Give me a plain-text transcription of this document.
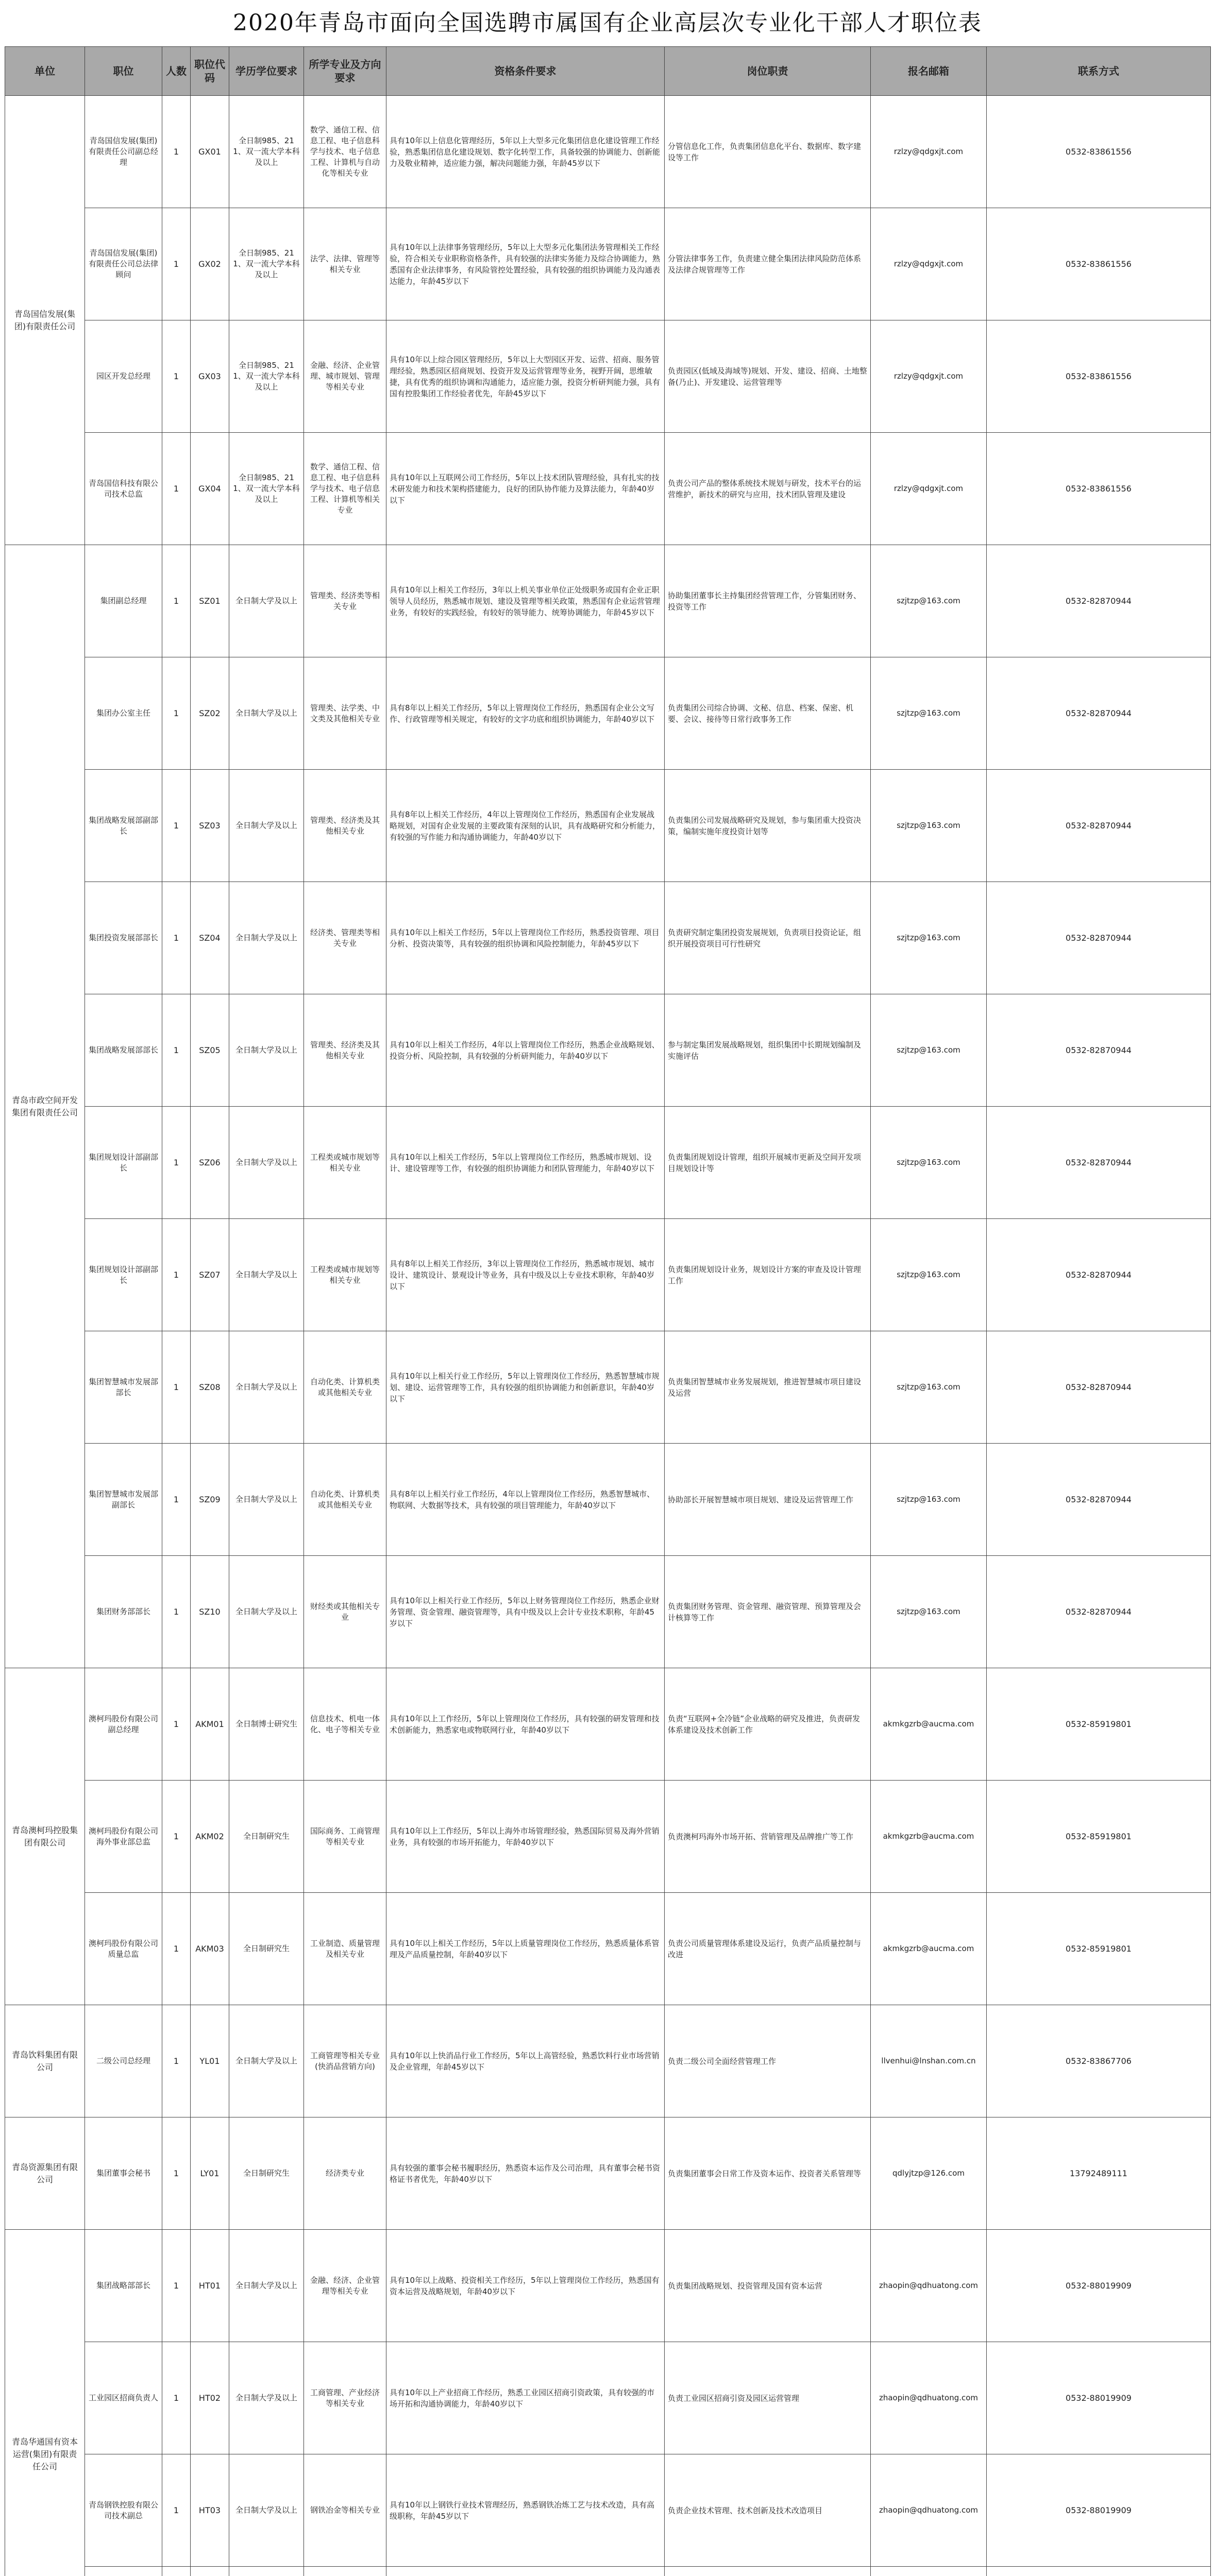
2020年青岛市面向全国选聘市属国有企业高层次专业化干部人才职位表
单位	职位	人数	职位代码	学历学位要求	所学专业及方向要求	资格条件要求	岗位职责	报名邮箱	联系方式
青岛国信发展(集团)有限责任公司	青岛国信发展(集团)有限责任公司副总经理	1	GX01	全日制985、211、双一流大学本科及以上	数学、通信工程、信息工程、电子信息科学与技术、电子信息工程、计算机与自动化等相关专业	具有10年以上信息化管理经历，5年以上大型多元化集团信息化建设管理工作经验，熟悉集团信息化建设规划、数字化转型工作，具备较强的协调能力、创新能力及敬业精神，适应能力强，解决问题能力强，年龄45岁以下	分管信息化工作，负责集团信息化平台、数据库、数字建设等工作	rzlzy@qdgxjt.com	0532-83861556
	青岛国信发展(集团)有限责任公司总法律顾问	1	GX02	全日制985、211、双一流大学本科及以上	法学、法律、管理等相关专业	具有10年以上法律事务管理经历，5年以上大型多元化集团法务管理相关工作经验，符合相关专业职称资格条件，具有较强的法律实务能力及综合协调能力，熟悉国有企业法律事务，有风险管控处置经验，具有较强的组织协调能力及沟通表达能力，年龄45岁以下	分管法律事务工作，负责建立健全集团法律风险防范体系及法律合规管理等工作	rzlzy@qdgxjt.com	0532-83861556
	园区开发总经理	1	GX03	全日制985、211、双一流大学本科及以上	金融、经济、企业管理、城市规划、管理等相关专业	具有10年以上综合园区管理经历，5年以上大型园区开发、运营、招商、服务管理经验，熟悉园区招商规划、投资开发及运营管理等业务，视野开阔，思维敏捷，具有优秀的组织协调和沟通能力，适应能力强，投资分析研判能力强，具有国有控股集团工作经验者优先，年龄45岁以下	负责园区(低域及海域等)规划、开发、建设、招商、土地整备(乃止)、开发建设、运营管理等	rzlzy@qdgxjt.com	0532-83861556
	青岛国信科技有限公司技术总监	1	GX04	全日制985、211、双一流大学本科及以上	数学、通信工程、信息工程、电子信息科学与技术、电子信息工程、计算机等相关专业	具有10年以上互联网公司工作经历，5年以上技术团队管理经验，具有扎实的技术研发能力和技术架构搭建能力，良好的团队协作能力及算法能力，年龄40岁以下	负责公司产品的整体系统技术规划与研发，技术平台的运营维护，新技术的研究与应用，技术团队管理及建设	rzlzy@qdgxjt.com	0532-83861556
青岛市政空间开发集团有限责任公司	集团副总经理	1	SZ01	全日制大学及以上	管理类、经济类等相关专业	具有10年以上相关工作经历，3年以上机关事业单位正处级职务或国有企业正职领导人员经历，熟悉城市规划、建设及管理等相关政策，熟悉国有企业运营管理业务，有较好的实践经验，有较好的领导能力、统筹协调能力，年龄45岁以下	协助集团董事长主持集团经营管理工作，分管集团财务、投资等工作	szjtzp@163.com	0532-82870944
	集团办公室主任	1	SZ02	全日制大学及以上	管理类、法学类、中文类及其他相关专业	具有8年以上相关工作经历，5年以上管理岗位工作经历，熟悉国有企业公文写作、行政管理等相关规定，有较好的文字功底和组织协调能力，年龄40岁以下	负责集团公司综合协调、文秘、信息、档案、保密、机要、会议、接待等日常行政事务工作	szjtzp@163.com	0532-82870944
	集团战略发展部副部长	1	SZ03	全日制大学及以上	管理类、经济类及其他相关专业	具有8年以上相关工作经历，4年以上管理岗位工作经历，熟悉国有企业发展战略规划，对国有企业发展的主要政策有深刻的认识，具有战略研究和分析能力，有较强的写作能力和沟通协调能力，年龄40岁以下	负责集团公司发展战略研究及规划，参与集团重大投资决策，编制实施年度投资计划等	szjtzp@163.com	0532-82870944
	集团投资发展部部长	1	SZ04	全日制大学及以上	经济类、管理类等相关专业	具有10年以上相关工作经历，5年以上管理岗位工作经历，熟悉投资管理、项目分析、投资决策等，具有较强的组织协调和风险控制能力，年龄45岁以下	负责研究制定集团投资发展规划，负责项目投资论证，组织开展投资项目可行性研究	szjtzp@163.com	0532-82870944
	集团战略发展部部长	1	SZ05	全日制大学及以上	管理类、经济类及其他相关专业	具有10年以上相关工作经历，4年以上管理岗位工作经历，熟悉企业战略规划、投资分析、风险控制，具有较强的分析研判能力，年龄40岁以下	参与制定集团发展战略规划，组织集团中长期规划编制及实施评估	szjtzp@163.com	0532-82870944
	集团规划设计部副部长	1	SZ06	全日制大学及以上	工程类或城市规划等相关专业	具有10年以上相关工作经历，5年以上管理岗位工作经历，熟悉城市规划、设计、建设管理等工作，有较强的组织协调能力和团队管理能力，年龄40岁以下	负责集团规划设计管理，组织开展城市更新及空间开发项目规划设计等	szjtzp@163.com	0532-82870944
	集团规划设计部副部长	1	SZ07	全日制大学及以上	工程类或城市规划等相关专业	具有8年以上相关工作经历，3年以上管理岗位工作经历，熟悉城市规划、城市设计、建筑设计、景观设计等业务，具有中级及以上专业技术职称，年龄40岁以下	负责集团规划设计业务，规划设计方案的审查及设计管理工作	szjtzp@163.com	0532-82870944
	集团智慧城市发展部部长	1	SZ08	全日制大学及以上	自动化类、计算机类或其他相关专业	具有10年以上相关行业工作经历，5年以上管理岗位工作经历，熟悉智慧城市规划、建设、运营管理等工作，具有较强的组织协调能力和创新意识，年龄40岁以下	负责集团智慧城市业务发展规划，推进智慧城市项目建设及运营	szjtzp@163.com	0532-82870944
	集团智慧城市发展部副部长	1	SZ09	全日制大学及以上	自动化类、计算机类或其他相关专业	具有8年以上相关行业工作经历，4年以上管理岗位工作经历，熟悉智慧城市、物联网、大数据等技术，具有较强的项目管理能力，年龄40岁以下	协助部长开展智慧城市项目规划、建设及运营管理工作	szjtzp@163.com	0532-82870944
	集团财务部部长	1	SZ10	全日制大学及以上	财经类或其他相关专业	具有10年以上相关行业工作经历，5年以上财务管理岗位工作经历，熟悉企业财务管理、资金管理、融资管理等，具有中级及以上会计专业技术职称，年龄45岁以下	负责集团财务管理、资金管理、融资管理、预算管理及会计核算等工作	szjtzp@163.com	0532-82870944
青岛澳柯玛控股集团有限公司	澳柯玛股份有限公司副总经理	1	AKM01	全日制博士研究生	信息技术、机电一体化、电子等相关专业	具有10年以上工作经历，5年以上管理岗位工作经历，具有较强的研发管理和技术创新能力，熟悉家电或物联网行业，年龄40岁以下	负责“互联网+全冷链”企业战略的研究及推进，负责研发体系建设及技术创新工作	akmkgzrb@aucma.com	0532-85919801
	澳柯玛股份有限公司海外事业部总监	1	AKM02	全日制研究生	国际商务、工商管理等相关专业	具有10年以上工作经历，5年以上海外市场管理经验，熟悉国际贸易及海外营销业务，具有较强的市场开拓能力，年龄40岁以下	负责澳柯玛海外市场开拓、营销管理及品牌推广等工作	akmkgzrb@aucma.com	0532-85919801
	澳柯玛股份有限公司质量总监	1	AKM03	全日制研究生	工业制造、质量管理及相关专业	具有10年以上相关工作经历，5年以上质量管理岗位工作经历，熟悉质量体系管理及产品质量控制，年龄40岁以下	负责公司质量管理体系建设及运行，负责产品质量控制与改进	akmkgzrb@aucma.com	0532-85919801
青岛饮料集团有限公司	二级公司总经理	1	YL01	全日制大学及以上	工商管理等相关专业(快消品营销方向)	具有10年以上快消品行业工作经历，5年以上高管经验，熟悉饮料行业市场营销及企业管理，年龄45岁以下	负责二级公司全面经营管理工作	llvenhui@lnshan.com.cn	0532-83867706
青岛资源集团有限公司	集团董事会秘书	1	LY01	全日制研究生	经济类专业	具有较强的董事会秘书履职经历，熟悉资本运作及公司治理，具有董事会秘书资格证书者优先，年龄40岁以下	负责集团董事会日常工作及资本运作、投资者关系管理等	qdlyjtzp@126.com	13792489111
青岛华通国有资本运营(集团)有限责任公司	集团战略部部长	1	HT01	全日制大学及以上	金融、经济、企业管理等相关专业	具有10年以上战略、投资相关工作经历，5年以上管理岗位工作经历，熟悉国有资本运营及战略规划，年龄40岁以下	负责集团战略规划、投资管理及国有资本运营	zhaopin@qdhuatong.com	0532-88019909
	工业园区招商负责人	1	HT02	全日制大学及以上	工商管理、产业经济等相关专业	具有10年以上产业招商工作经历，熟悉工业园区招商引资政策，具有较强的市场开拓和沟通协调能力，年龄40岁以下	负责工业园区招商引资及园区运营管理	zhaopin@qdhuatong.com	0532-88019909
	青岛钢铁控股有限公司技术副总	1	HT03	全日制大学及以上	钢铁冶金等相关专业	具有10年以上钢铁行业技术管理经历，熟悉钢铁冶炼工艺与技术改造，具有高级职称，年龄45岁以下	负责企业技术管理、技术创新及技术改造项目	zhaopin@qdhuatong.com	0532-88019909
